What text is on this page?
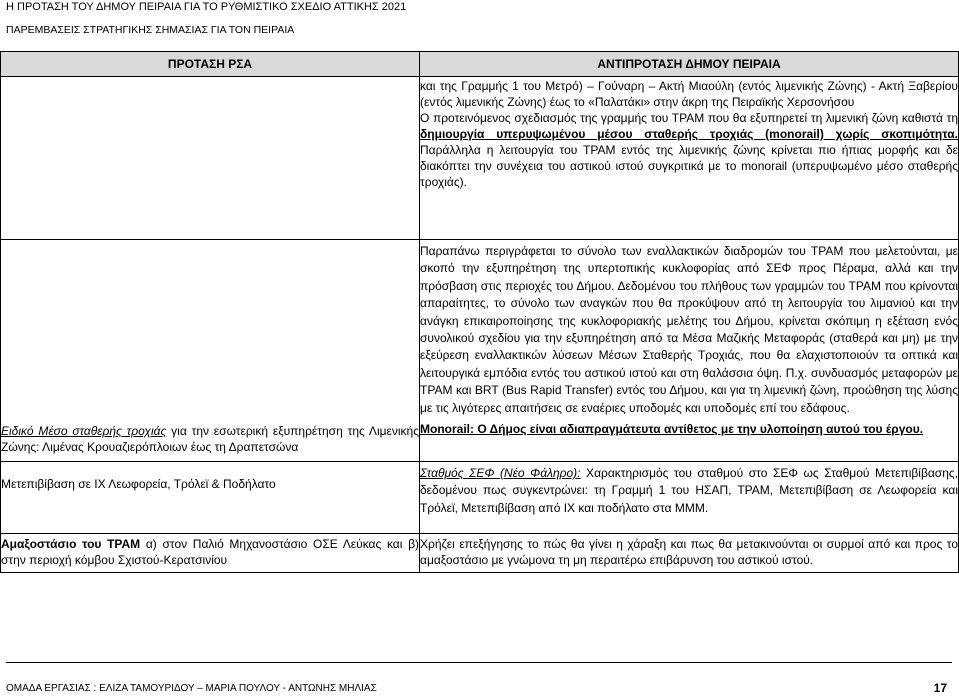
Η ΠΡΟΤΑΣΗ ΤΟΥ ΔΗΜΟΥ ΠΕΙΡΑΙΑ ΓΙΑ ΤΟ ΡΥΘΜΙΣΤΙΚΟ ΣΧΕΔΙΟ ΑΤΤΙΚΗΣ 2021
ΠΑΡΕΜΒΑΣΕΙΣ ΣΤΡΑΤΗΓΙΚΗΣ ΣΗΜΑΣΙΑΣ ΓΙΑ ΤΟΝ ΠΕΙΡΑΙΑ
ΠΡΟΤΑΣΗ ΡΣΑ	ΑΝΤΙΠΡΟΤΑΣΗ ΔΗΜΟΥ ΠΕΙΡΑΙΑ

	και της Γραμμής 1 του Μετρό) – Γούναρη – Ακτή Μιαούλη (εντός λιμενικής Ζώνης) - Ακτή Ξαβερίου (εντός λιμενικής Ζώνης) έως το «Παλατάκι» στην άκρη της Πειραϊκής Χερσονήσου

Ο προτεινόμενος σχεδιασμός της γραμμής του ΤΡΑΜ που θα εξυπηρετεί τη λιμενική ζώνη καθιστά τη δημιουργία υπερυψωμένου μέσου σταθερής τροχιάς (monorail) χωρίς σκοπιμότητα. Παράλληλα η λειτουργία του ΤΡΑΜ εντός της λιμενικής ζώνης κρίνεται πιο ήπιας μορφής και δε διακόπτει την συνέχεια του αστικού ιστού συγκριτικά με το monorail (υπερυψωμένο μέσο σταθερής τροχιάς).

Ειδικό Μέσο σταθερής τροχιάς για την εσωτερική εξυπηρέτηση της Λιμενικής Ζώνης: Λιμένας Κρουαζιερόπλοιων έως τη Δραπετσώνα	Παραπάνω περιγράφεται το σύνολο των εναλλακτικών διαδρομών του ΤΡΑΜ που μελετούνται, με σκοπό την εξυπηρέτηση της υπερτοπικής κυκλοφορίας από ΣΕΦ προς Πέραμα, αλλά και την πρόσβαση στις περιοχές του Δήμου. Δεδομένου του πλήθους των γραμμών του ΤΡΑΜ που κρίνονται απαραίτητες, το σύνολο των αναγκών που θα προκύψουν από τη λειτουργία του λιμανιού και την ανάγκη επικαιροποίησης της κυκλοφοριακής μελέτης του Δήμου, κρίνεται σκόπιμη η εξέταση ενός συνολικού σχεδίου για την εξυπηρέτηση από τα Μέσα Μαζικής Μεταφοράς (σταθερά και μη) με την εξεύρεση εναλλακτικών λύσεων Μέσων Σταθερής Τροχιάς, που θα ελαχιστοποιούν τα οπτικά και λειτουργικά εμπόδια εντός του αστικού ιστού και στη θαλάσσια όψη. Π.χ. συνδυασμός μεταφορών με ΤΡΑΜ και BRT (Bus Rapid Transfer) εντός του Δήμου, και για τη λιμενική ζώνη, προώθηση της λύσης με τις λιγότερες απαιτήσεις σε εναέριες υποδομές και υποδομές επί του εδάφους.

Monorail: Ο Δήμος είναι αδιαπραγμάτευτα αντίθετος με την υλοποίηση αυτού του έργου.

Μετεπιβίβαση σε ΙΧ Λεωφορεία, Τρόλεϊ & Ποδήλατο	Σταθμός ΣΕΦ (Νέο Φάληρο): Χαρακτηρισμός του σταθμού στο ΣΕΦ ως Σταθμού Μετεπιβίβασης, δεδομένου πως συγκεντρώνει: τη Γραμμή 1 του ΗΣΑΠ, ΤΡΑΜ, Μετεπιβίβαση σε Λεωφορεία και Τρόλεϊ, Μετεπιβίβαση από ΙΧ και ποδήλατο στα ΜΜΜ.
Αμαξοστάσιο του ΤΡΑΜ α) στον Παλιό Μηχανοστάσιο ΟΣΕ Λεύκας και β) στην περιοχή κόμβου Σχιστού-Κερατσινίου	Χρήζει επεξήγησης το πώς θα γίνει η χάραξη και πως θα μετακινούνται οι συρμοί από και προς το αμαξοστάσιο με γνώμονα τη μη περαιτέρω επιβάρυνση του αστικού ιστού.
ΟΜΑΔΑ ΕΡΓΑΣΙΑΣ : ΕΛΙΖΑ ΤΑΜΟΥΡΙΔΟΥ – ΜΑΡΙΑ ΠΟΥΛΟΥ - ΑΝΤΩΝΗΣ ΜΗΛΙΑΣ	17
